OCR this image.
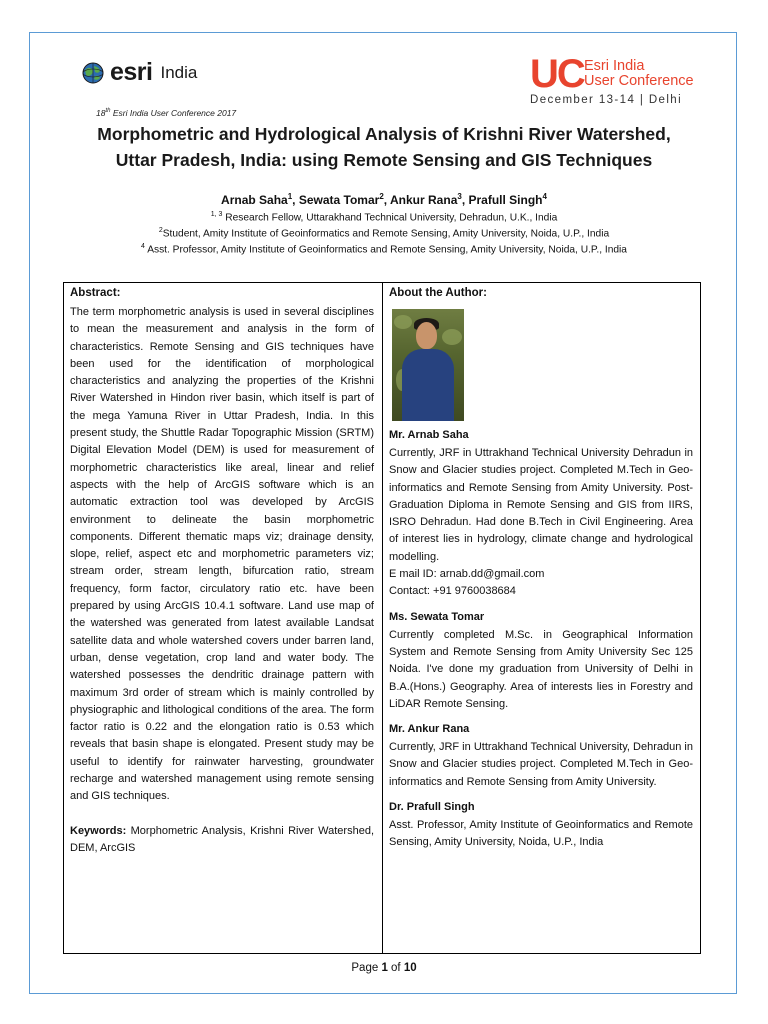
esri India	UC Esri India
User Conference
December 13-14 | Delhi
18th Esri India User Conference 2017
Morphometric and Hydrological Analysis of Krishni River Watershed,
Uttar Pradesh, India: using Remote Sensing and GIS Techniques
Arnab Saha$^1$, Sewata Tomar$^2$, Ankur Rana$^3$, Prafull Singh$^4$
$^{1, 3}$ Research Fellow, Uttarakhand Technical University, Dehradun, U.K., India
$^2$Student, Amity Institute of Geoinformatics and Remote Sensing, Amity University, Noida, U.P., India
$^4$ Asst. Professor, Amity Institute of Geoinformatics and Remote Sensing, Amity University, Noida, U.P., India
Abstract:

The term morphometric analysis is used in several disciplines to mean the measurement and analysis in the form of characteristics. Remote Sensing and GIS techniques have been used for the identification of morphological characteristics and analyzing the properties of the Krishni River Watershed in Hindon river basin, which itself is part of the mega Yamuna River in Uttar Pradesh, India. In this present study, the Shuttle Radar Topographic Mission (SRTM) Digital Elevation Model (DEM) is used for measurement of morphometric characteristics like areal, linear and relief aspects with the help of ArcGIS software which is an automatic extraction tool was developed by ArcGIS environment to delineate the basin morphometric components. Different thematic maps viz; drainage density, slope, relief, aspect etc and morphometric parameters viz; stream order, stream length, bifurcation ratio, stream frequency, form factor, circulatory ratio etc. have been prepared by using ArcGIS 10.4.1 software. Land use map of the watershed was generated from latest available Landsat satellite data and whole watershed covers under barren land, urban, dense vegetation, crop land and water body. The watershed possesses the dendritic drainage pattern with maximum 3rd order of stream which is mainly controlled by physiographic and lithological conditions of the area. The form factor ratio is 0.22 and the elongation ratio is 0.53 which reveals that basin shape is elongated. Present study may be useful to identify for rainwater harvesting, groundwater recharge and watershed management using remote sensing and GIS techniques.

Keywords: Morphometric Analysis, Krishni River Watershed, DEM, ArcGIS
About the Author:
Mr. Arnab Saha

Currently, JRF in Uttrakhand Technical University Dehradun in Snow and Glacier studies project. Completed M.Tech in Geo-informatics and Remote Sensing from Amity University. Post-Graduation Diploma in Remote Sensing and GIS from IIRS, ISRO Dehradun. Had done B.Tech in Civil Engineering. Area of interest lies in hydrology, climate change and hydrological modelling.

E mail ID: arnab.dd@gmail.com

Contact: +91 9760038684

Ms. Sewata Tomar

Currently completed M.Sc. in Geographical Information System and Remote Sensing from Amity University Sec 125 Noida. I've done my graduation from University of Delhi in B.A.(Hons.) Geography. Area of interests lies in Forestry and LiDAR Remote Sensing.

Mr. Ankur Rana

Currently, JRF in Uttrakhand Technical University, Dehradun in Snow and Glacier studies project. Completed M.Tech in Geo-informatics and Remote Sensing from Amity University.

Dr. Prafull Singh

Asst. Professor, Amity Institute of Geoinformatics and Remote Sensing, Amity University, Noida, U.P., India

Page 1 of 10
